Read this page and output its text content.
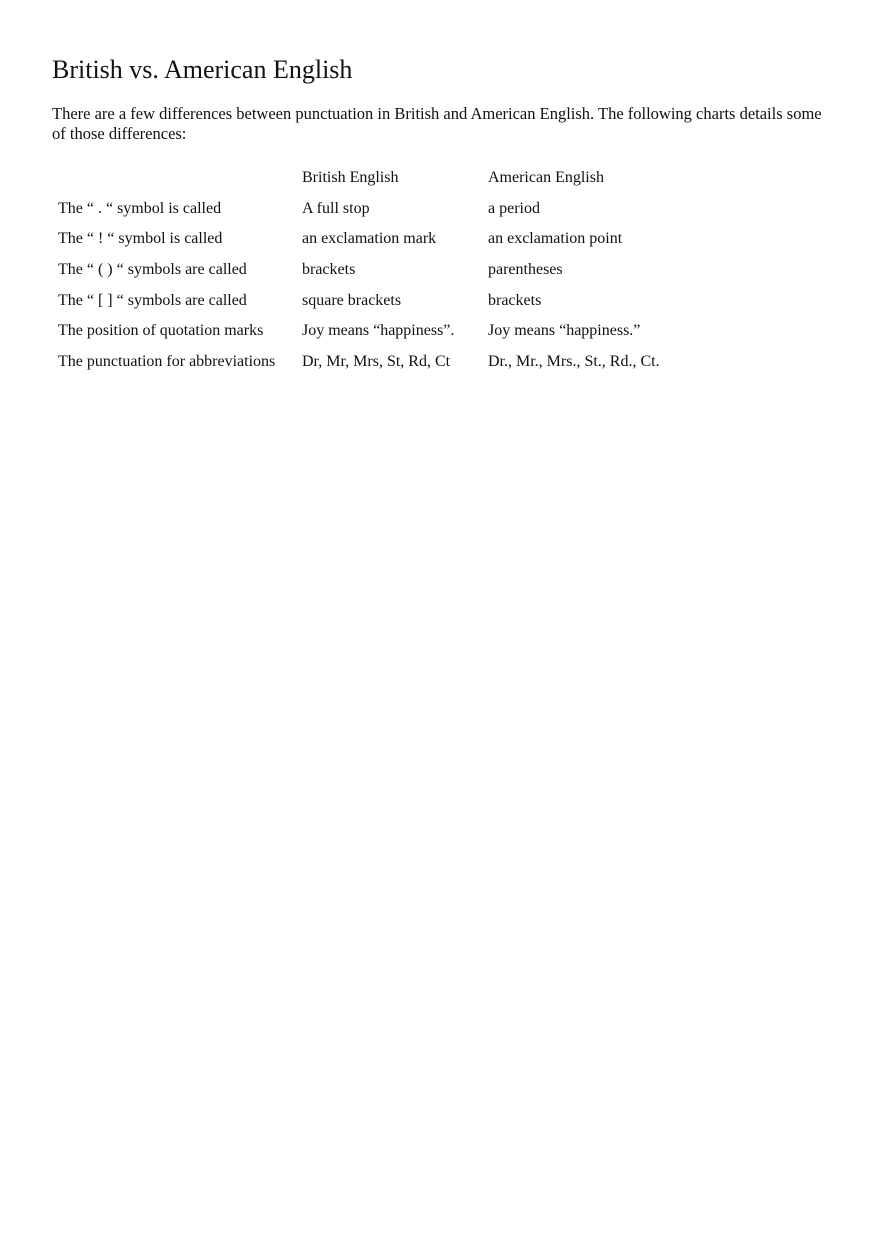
British vs. American English

There are a few differences between punctuation in British and American English. The following charts details some of those differences:

	British English	American English
The “ . “ symbol is called	A full stop	a period
The “ ! “ symbol is called	an exclamation mark	an exclamation point
The “ ( ) “ symbols are called	brackets	parentheses
The “ [ ] “ symbols are called	square brackets	brackets
The position of quotation marks	Joy means “happiness”.	Joy means “happiness.”
The punctuation for abbreviations	Dr, Mr, Mrs, St, Rd, Ct	Dr., Mr., Mrs., St., Rd., Ct.
